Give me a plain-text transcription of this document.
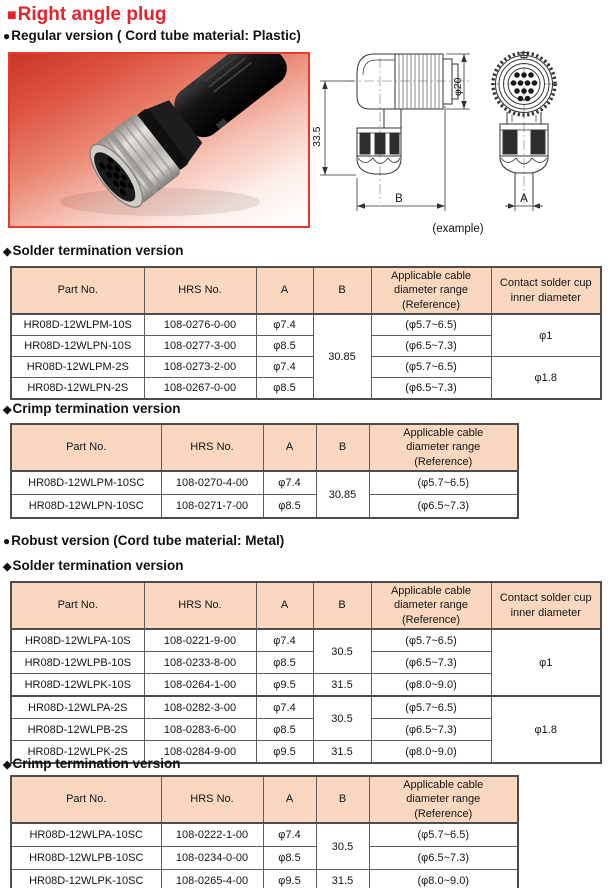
■Right angle plug
●Regular version ( Cord tube material: Plastic)
33.5
φ20
B	A
(example)
◆Solder termination version
Part No.	HRS No.	A	B	Applicable cable diameter range (Reference)	Contact solder cup inner diameter
HR08D-12WLPM-10S	108-0276-0-00	φ7.4	30.85	(φ5.7~6.5)	φ1
HR08D-12WLPN-10S	108-0277-3-00	φ8.5		(φ6.5~7.3)	
HR08D-12WLPM-2S	108-0273-2-00	φ7.4		(φ5.7~6.5)	φ1.8
HR08D-12WLPN-2S	108-0267-0-00	φ8.5		(φ6.5~7.3)	
◆Crimp termination version
Part No.	HRS No.	A	B	Applicable cable diameter range (Reference)
HR08D-12WLPM-10SC	108-0270-4-00	φ7.4	30.85	(φ5.7~6.5)
HR08D-12WLPN-10SC	108-0271-7-00	φ8.5		(φ6.5~7.3)
●Robust version (Cord tube material: Metal)
◆Solder termination version
Part No.	HRS No.	A	B	Applicable cable diameter range (Reference)	Contact solder cup inner diameter
HR08D-12WLPA-10S	108-0221-9-00	φ7.4	30.5	(φ5.7~6.5)	φ1
HR08D-12WLPB-10S	108-0233-8-00	φ8.5		(φ6.5~7.3)	
HR08D-12WLPK-10S	108-0264-1-00	φ9.5	31.5	(φ8.0~9.0)	
HR08D-12WLPA-2S	108-0282-3-00	φ7.4	30.5	(φ5.7~6.5)	φ1.8
HR08D-12WLPB-2S	108-0283-6-00	φ8.5		(φ6.5~7.3)	
HR08D-12WLPK-2S	108-0284-9-00	φ9.5	31.5	(φ8.0~9.0)	
◆Crimp termination version
Part No.	HRS No.	A	B	Applicable cable diameter range (Reference)
HR08D-12WLPA-10SC	108-0222-1-00	φ7.4	30.5	(φ5.7~6.5)
HR08D-12WLPB-10SC	108-0234-0-00	φ8.5		(φ6.5~7.3)
HR08D-12WLPK-10SC	108-0265-4-00	φ9.5	31.5	(φ8.0~9.0)
